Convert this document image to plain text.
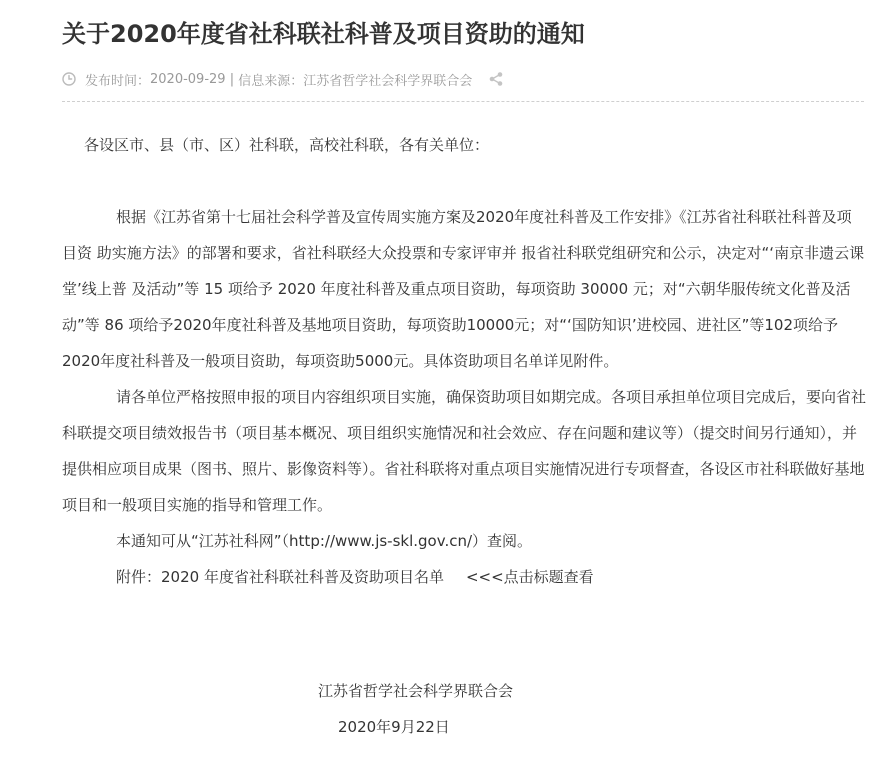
关于2020年度省社科联社科普及项目资助的通知
发布时间： 2020-09-29 | 信息来源： 江苏省哲学社会科学界联合会

各设区市、县（市、区）社科联，高校社科联，各有关单位：

根据《江苏省第十七届社会科学普及宣传周实施方案及2020年度社科普及工作安排》《江苏省社科联社科普及项目资 助实施方法》的部署和要求，省社科联经大众投票和专家评审并 报省社科联党组研究和公示，决定对“‘南京非遗云课堂’线上普 及活动”等 15 项给予 2020 年度社科普及重点项目资助，每项资助 30000 元；对“六朝华服传统文化普及活动”等 86 项给予2020年度社科普及基地项目资助，每项资助10000元；对“‘国防知识’进校园、进社区”等102项给予2020年度社科普及一般项目资助，每项资助5000元。具体资助项目名单详见附件。

请各单位严格按照申报的项目内容组织项目实施，确保资助项目如期完成。各项目承担单位项目完成后，要向省社科联提交项目绩效报告书（项目基本概况、项目组织实施情况和社会效应、存在问题和建议等）（提交时间另行通知），并提供相应项目成果（图书、照片、影像资料等）。省社科联将对重点项目实施情况进行专项督查，各设区市社科联做好基地项目和一般项目实施的指导和管理工作。

本通知可从“江苏社科网”（http://www.js-skl.gov.cn/）查阅。

附件：2020 年度省社科联社科普及资助项目名单 <<<点击标题查看

江苏省哲学社会科学界联合会
2020年9月22日
